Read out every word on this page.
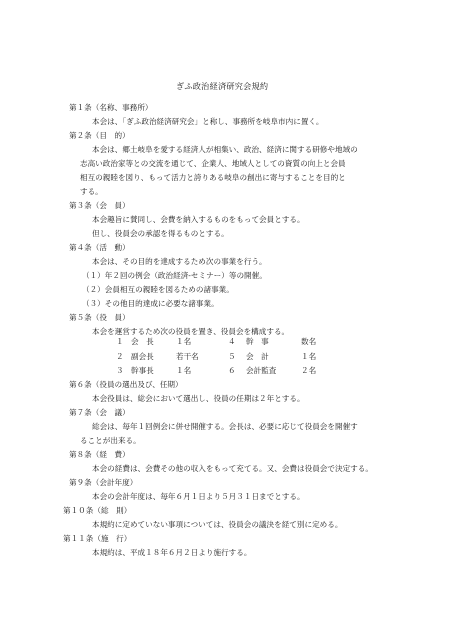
ぎふ政治経済研究会規約
第１条（名称、事務所）
本会は、「ぎふ政治経済研究会」と称し、事務所を岐阜市内に置く。
第２条（目　的）
本会は、郷土岐阜を愛する経済人が相集い、政治、経済に関する研修や地域の
志高い政治家等との交流を通じて、企業人、地域人としての資質の向上と会員
相互の親睦を図り、もって活力と誇りある岐阜の創出に寄与することを目的と
する。
第３条（会　員）
本会趣旨に賛同し、会費を納入するものをもって会員とする。
但し、役員会の承認を得るものとする。
第４条（活　動）
本会は、その目的を達成するため次の事業を行う。
（１）年２回の例会（政治経済-セミナー）等の開催。
（２）会員相互の親睦を図るための諸事業。
（３）その他目的達成に必要な諸事業。
第５条（役　員）
本会を運営するため次の役員を置き、役員会を構成する。
１ 会　長	１名	４ 幹　事	数名
２ 副会長	若干名	５ 会　計	１名
３ 幹事長	１名	６ 会計監査	２名
第６条（役員の選出及び、任期）
本会役員は、総会において選出し、役員の任期は２年とする。
第７条（会　議）
総会は、毎年１回例会に併せ開催する。会長は、必要に応じて役員会を開催す
ることが出来る。
第８条（経　費）
本会の経費は、会費その他の収入をもって充てる。又、会費は役員会で決定する。
第９条（会計年度）
本会の会計年度は、毎年６月１日より５月３１日までとする。
第１０条（総　則）
本規約に定めていない事項については、役員会の議決を経て別に定める。
第１１条（施　行）
本規約は、平成１８年６月２日より施行する。
